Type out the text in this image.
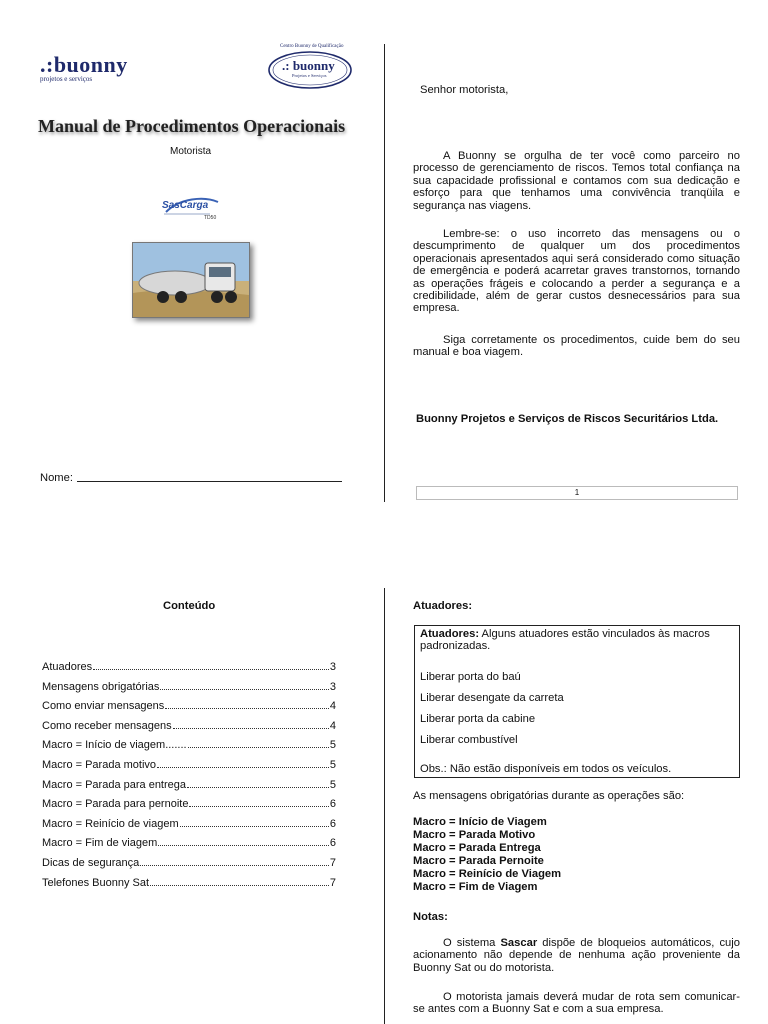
.:buonny
projetos e serviços
Centro Buonny de Qualificação
.: buonny
Projetos e Serviços
Manual de Procedimentos Operacionais
Motorista
SasCarga
TD50
Nome:
Senhor motorista,
A Buonny se orgulha de ter você como parceiro no processo de gerenciamento de riscos. Temos total confiança na sua capacidade profissional e contamos com sua dedicação e esforço para que tenhamos uma convivência tranqüila e segurança nas viagens.
Lembre-se: o uso incorreto das mensagens ou o descumprimento de qualquer um dos procedimentos operacionais apresentados aqui será considerado como situação de emergência e poderá acarretar graves transtornos, tornando as operações frágeis e colocando a perder a segurança e a credibilidade, além de gerar custos desnecessários para sua empresa.
Siga corretamente os procedimentos, cuide bem do seu manual e boa viagem.
Buonny Projetos e Serviços de Riscos Securitários Ltda.
1
Conteúdo
Atuadores	3
Mensagens obrigatórias	3
Como enviar mensagens	4
Como receber mensagens	4
Macro = Início de viagem.......	5
Macro = Parada motivo	5
Macro = Parada para entrega	5
Macro = Parada para pernoite	6
Macro = Reinício de viagem	6
Macro = Fim de viagem	6
Dicas de segurança	7
Telefones Buonny Sat	7
Atuadores:
Atuadores: Alguns atuadores estão vinculados às macros padronizadas.
Liberar porta do baú
Liberar desengate da carreta
Liberar porta da cabine
Liberar combustível
Obs.: Não estão disponíveis em todos os veículos.
As mensagens obrigatórias durante as operações são:
Macro = Início de Viagem
Macro = Parada Motivo
Macro = Parada Entrega
Macro = Parada Pernoite
Macro = Reinício de Viagem
Macro = Fim de Viagem
Notas:
O sistema Sascar dispõe de bloqueios automáticos, cujo acionamento não depende de nenhuma ação proveniente da Buonny Sat ou do motorista.
O motorista jamais deverá mudar de rota sem comunicar-se antes com a Buonny Sat e com a sua empresa.
